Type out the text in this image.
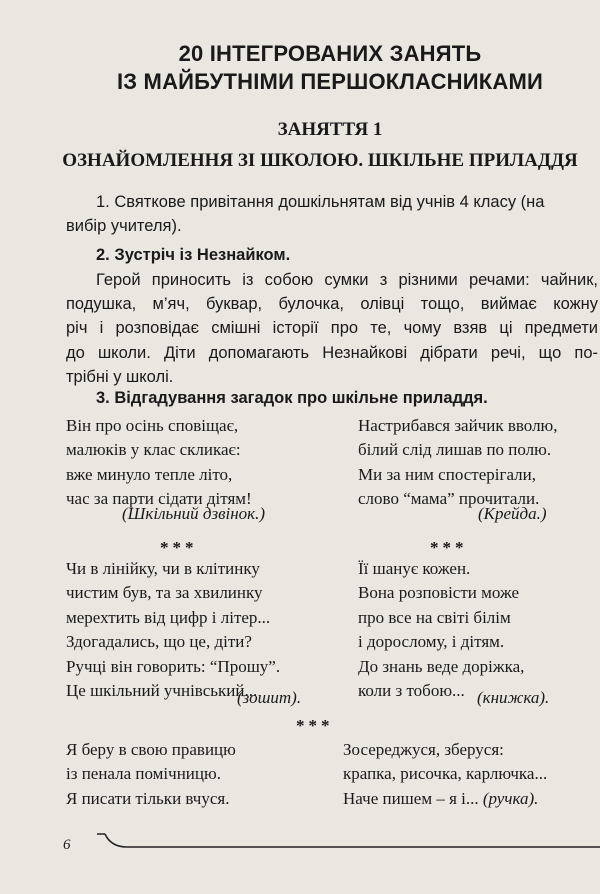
20 ІНТЕГРОВАНИХ ЗАНЯТЬ
ІЗ МАЙБУТНІМИ ПЕРШОКЛАСНИКАМИ
ЗАНЯТТЯ 1
ОЗНАЙОМЛЕННЯ ЗІ ШКОЛОЮ. ШКІЛЬНЕ ПРИЛАДДЯ
1. Святкове привітання дошкільнятам від учнів 4 класу (на
вибір учителя).
2. Зустріч із Незнайком.
Герой приносить із собою сумки з різними речами: чайник,
подушка, м’яч, буквар, булочка, олівці тощо, виймає кожну
річ і розповідає смішні історії про те, чому взяв ці предмети
до школи. Діти допомагають Незнайкові дібрати речі, що по-
трібні у школі.
3. Відгадування загадок про шкільне приладдя.
Він про осінь сповіщає,
малюків у клас скликає:
вже минуло тепле літо,
час за парти сідати дітям!
(Шкільний дзвінок.)
Настрибався зайчик вволю,
білий слід лишав по полю.
Ми за ним спостерігали,
слово “мама” прочитали.
(Крейда.)
***	***
Чи в лінійку, чи в клітинку
чистим був, та за хвилинку
мерехтить від цифр і літер...
Здогадались, що це, діти?
Ручці він говорить: “Прошу”.
Це шкільний учнівський...
(зошит).
Її шанує кожен.
Вона розповісти може
про все на світі білім
і дорослому, і дітям.
До знань веде доріжка,
коли з тобою... (книжка).
***
Я беру в свою правицю
із пенала помічницю.
Я писати тільки вчуся.
Зосереджуся, зберуся:
крапка, рисочка, карлючка...
Наче пишем – я і... (ручка).
6
